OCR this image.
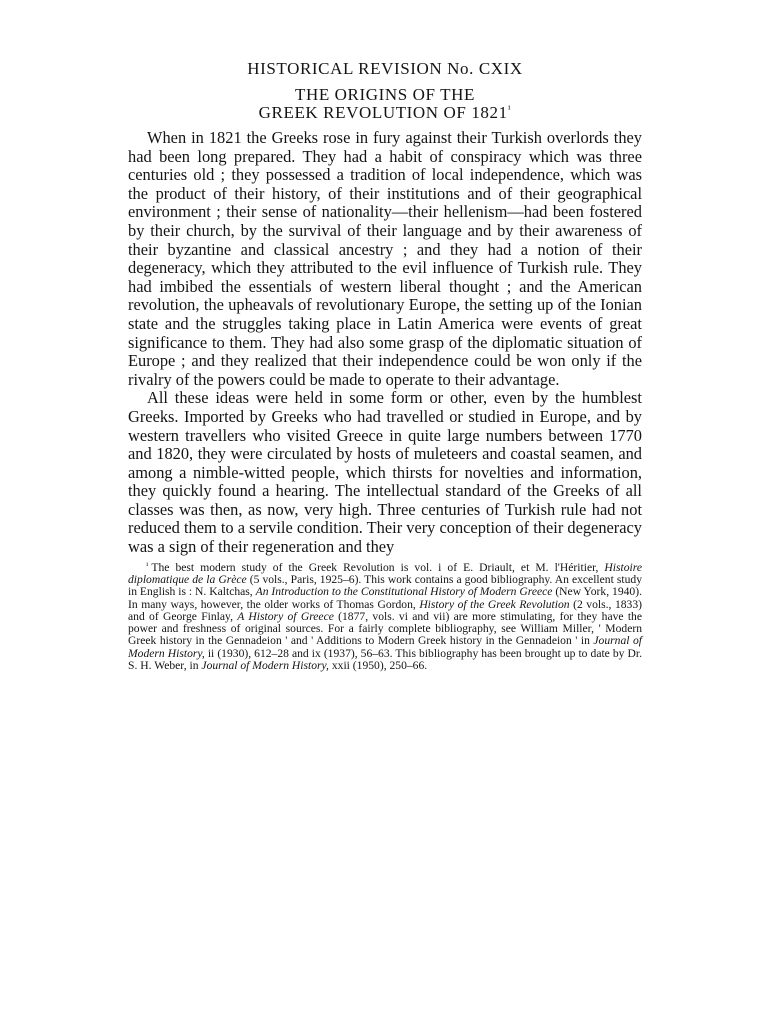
HISTORICAL REVISION No. CXIX
THE ORIGINS OF THE
GREEK REVOLUTION OF 1821$^{^1}$

When in 1821 the Greeks rose in fury against their Turkish overlords they had been long prepared. They had a habit of conspiracy which was three centuries old ; they possessed a tradition of local independence, which was the product of their history, of their institutions and of their geographical environment ; their sense of nationality—their hellenism—had been fostered by their church, by the survival of their language and by their awareness of their byzantine and classical ancestry ; and they had a notion of their degeneracy, which they attributed to the evil influence of Turkish rule. They had imbibed the essentials of western liberal thought ; and the American revolution, the upheavals of revolutionary Europe, the setting up of the Ionian state and the struggles taking place in Latin America were events of great significance to them. They had also some grasp of the diplomatic situation of Europe ; and they realized that their independence could be won only if the rivalry of the powers could be made to operate to their advantage.

All these ideas were held in some form or other, even by the humblest Greeks. Imported by Greeks who had travelled or studied in Europe, and by western travellers who visited Greece in quite large numbers between 1770 and 1820, they were circulated by hosts of muleteers and coastal seamen, and among a nimble-witted people, which thirsts for novelties and information, they quickly found a hearing. The intellectual standard of the Greeks of all classes was then, as now, very high. Three centuries of Turkish rule had not reduced them to a servile condition. Their very conception of their degeneracy was a sign of their regeneration and they

$^{^1}$ The best modern study of the Greek Revolution is vol. i of E. Driault, et M. l'Héritier, Histoire diplomatique de la Grèce (5 vols., Paris, 1925–6). This work contains a good bibliography. An excellent study in English is : N. Kaltchas, An Introduction to the Constitutional History of Modern Greece (New York, 1940). In many ways, however, the older works of Thomas Gordon, History of the Greek Revolution (2 vols., 1833) and of George Finlay, A History of Greece (1877, vols. vi and vii) are more stimulating, for they have the power and freshness of original sources. For a fairly complete bibliography, see William Miller, ' Modern Greek history in the Gennadeion ' and ' Additions to Modern Greek history in the Gennadeion ' in Journal of Modern History, ii (1930), 612–28 and ix (1937), 56–63. This bibliography has been brought up to date by Dr. S. H. Weber, in Journal of Modern History, xxii (1950), 250–66.
